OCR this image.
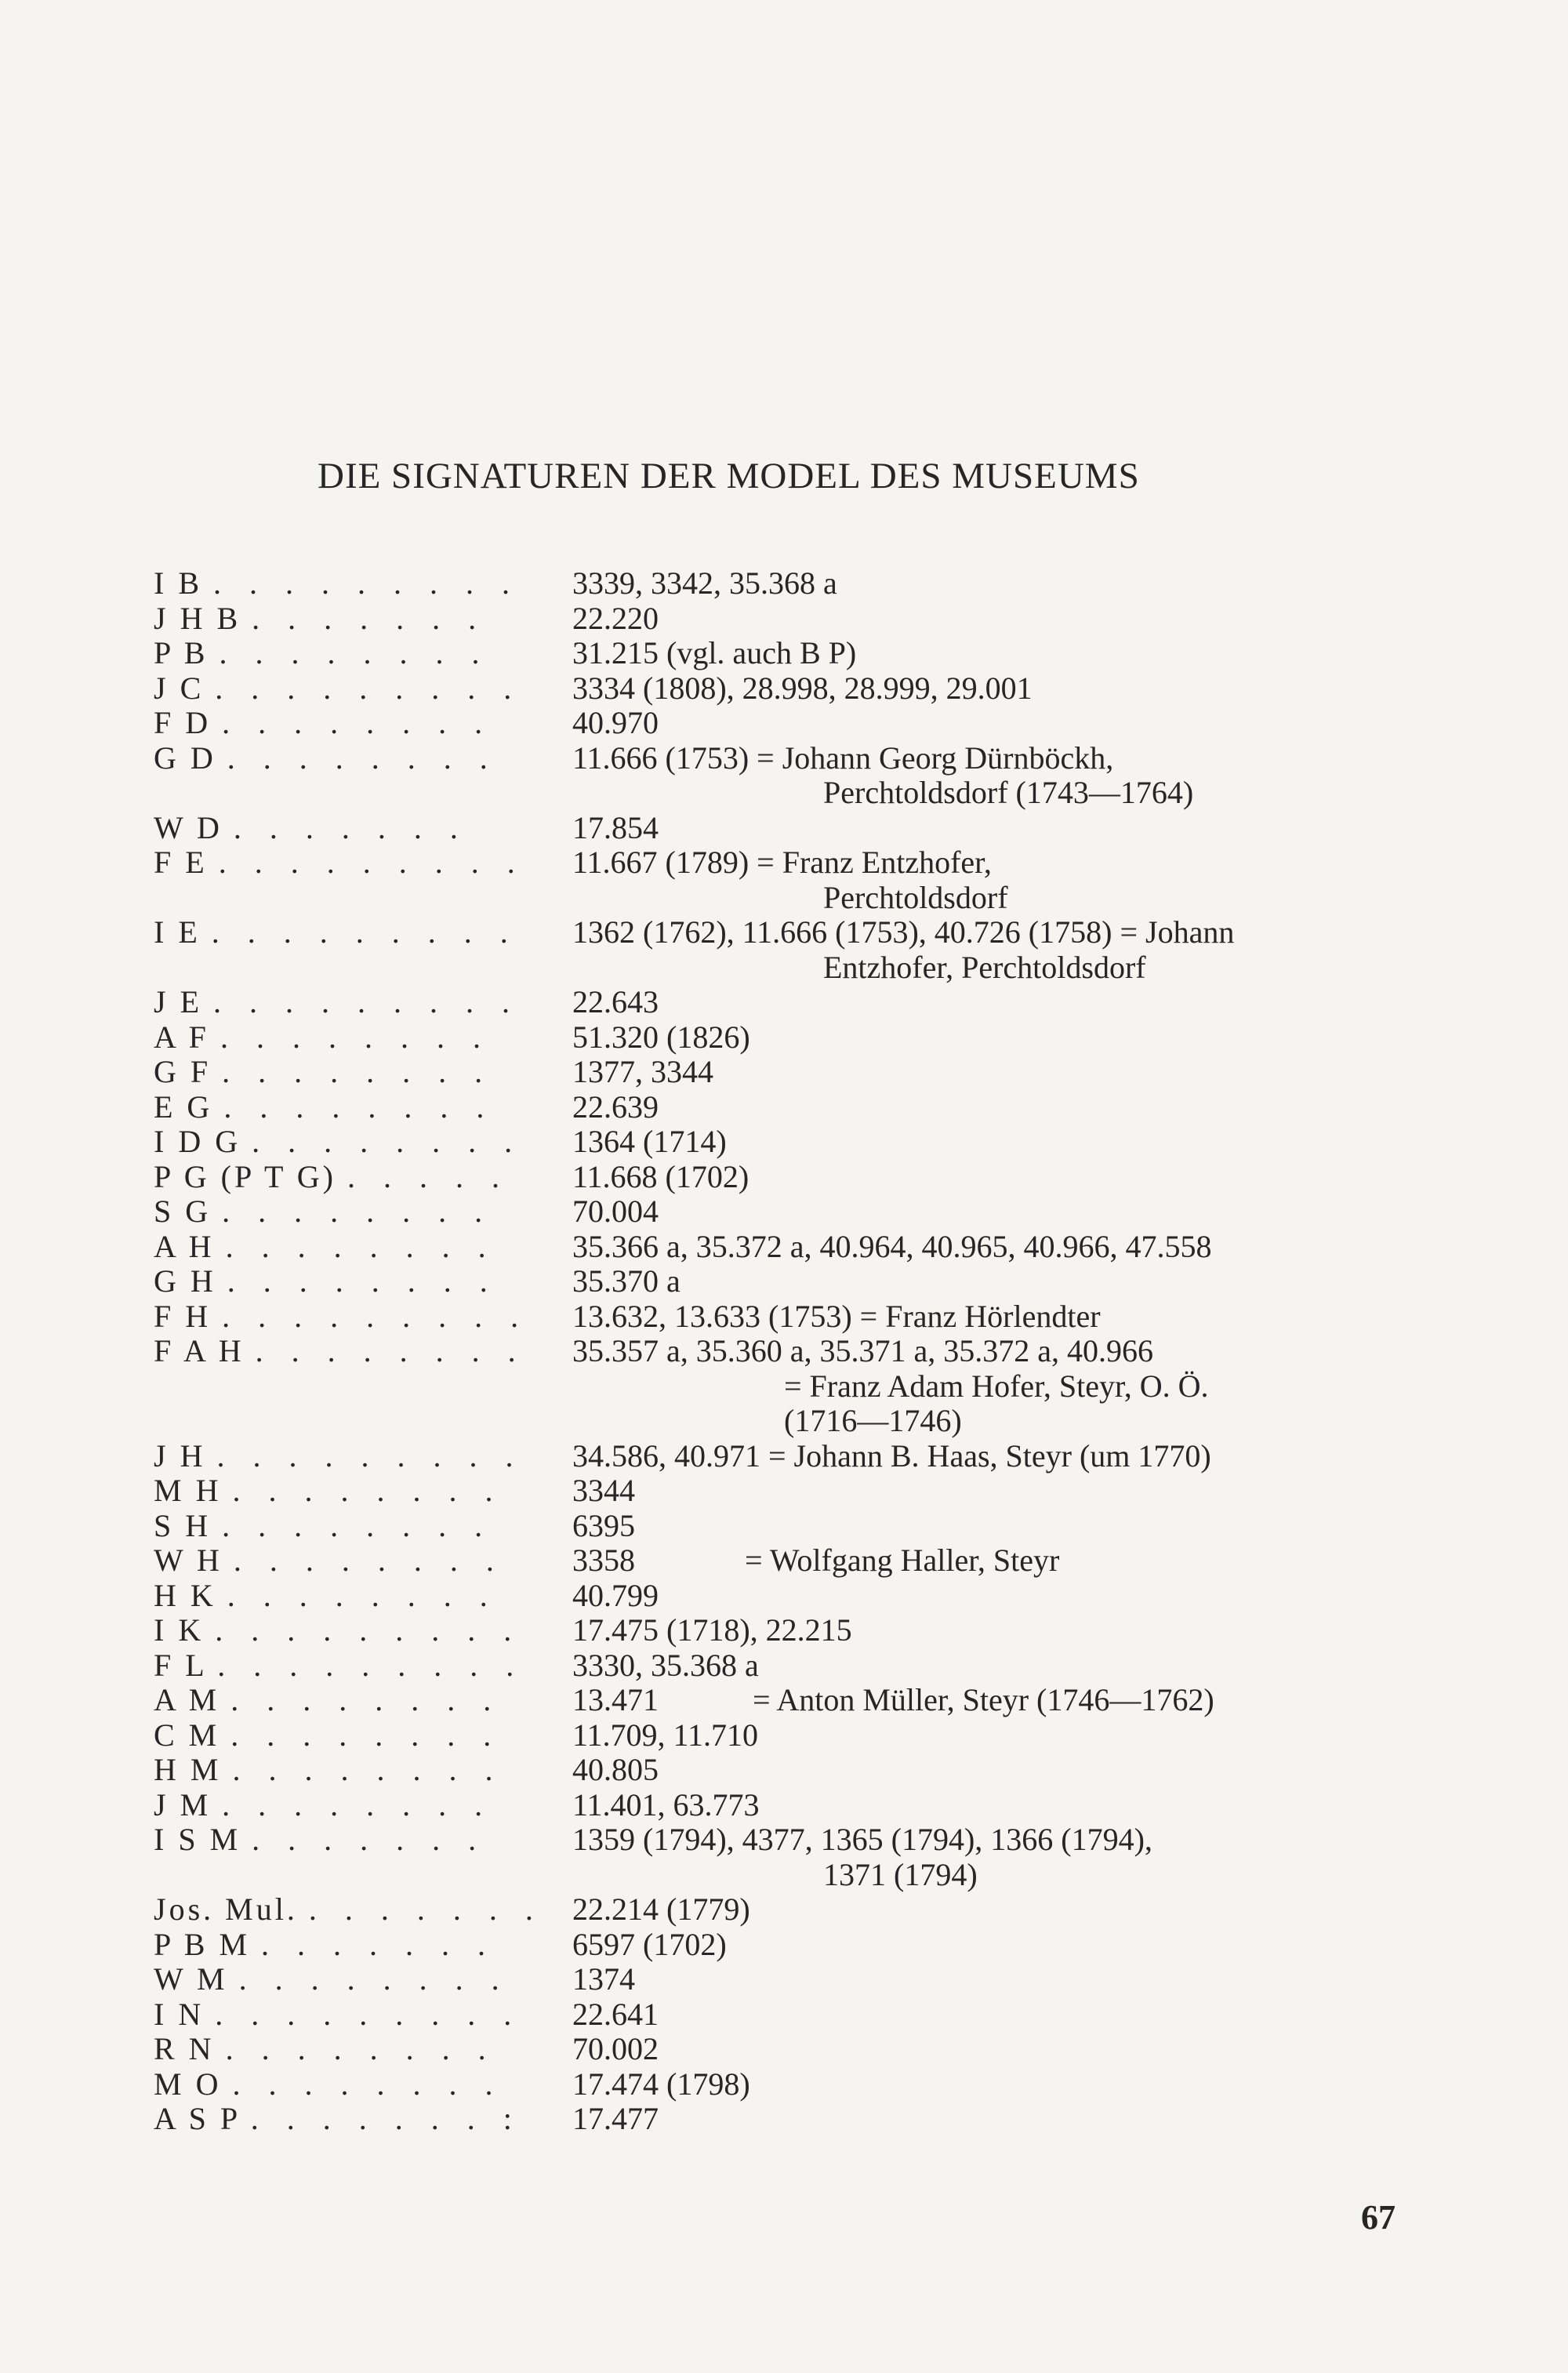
DIE SIGNATUREN DER MODEL DES MUSEUMS
I B . . . . . . . . .	3339, 3342, 35.368 a
J H B . . . . . . .	22.220
P B . . . . . . . .	31.215 (vgl. auch B P)
J C . . . . . . . . .	3334 (1808), 28.998, 28.999, 29.001
F D . . . . . . . .	40.970
G D . . . . . . . .	11.666 (1753) = Johann Georg Dürnböckh,
Perchtoldsdorf (1743—1764)
W D . . . . . . .	17.854
F E . . . . . . . . .	11.667 (1789) = Franz Entzhofer,
Perchtoldsdorf
I E . . . . . . . . .	1362 (1762), 11.666 (1753), 40.726 (1758) = Johann
Entzhofer, Perchtoldsdorf
J E . . . . . . . . .	22.643
A F . . . . . . . .	51.320 (1826)
G F . . . . . . . .	1377, 3344
E G . . . . . . . .	22.639
I D G . . . . . . . .	1364 (1714)
P G (P T G) . . . . .	11.668 (1702)
S G . . . . . . . .	70.004
A H . . . . . . . .	35.366 a, 35.372 a, 40.964, 40.965, 40.966, 47.558
G H . . . . . . . .	35.370 a
F H . . . . . . . . .	13.632, 13.633 (1753) = Franz Hörlendter
F A H . . . . . . . .	35.357 a, 35.360 a, 35.371 a, 35.372 a, 40.966
= Franz Adam Hofer, Steyr, O. Ö.
(1716—1746)
J H . . . . . . . . .	34.586, 40.971 = Johann B. Haas, Steyr (um 1770)
M H . . . . . . . .	3344
S H . . . . . . . .	6395
W H . . . . . . . .	3358              = Wolfgang Haller, Steyr
H K . . . . . . . .	40.799
I K . . . . . . . . .	17.475 (1718), 22.215
F L . . . . . . . . .	3330, 35.368 a
A M . . . . . . . .	13.471            = Anton Müller, Steyr (1746—1762)
C M . . . . . . . .	11.709, 11.710
H M . . . . . . . .	40.805
J M . . . . . . . .	11.401, 63.773
I S M . . . . . . .	1359 (1794), 4377, 1365 (1794), 1366 (1794),
1371 (1794)
Jos. Mul. . . . . . . . 22.214 (1779)
P B M . . . . . . .	6597 (1702)
W M . . . . . . . .	1374
I N . . . . . . . . .	22.641
R N . . . . . . . .	70.002
M O . . . . . . . .	17.474 (1798)
A S P . . . . . . . :	17.477
67
